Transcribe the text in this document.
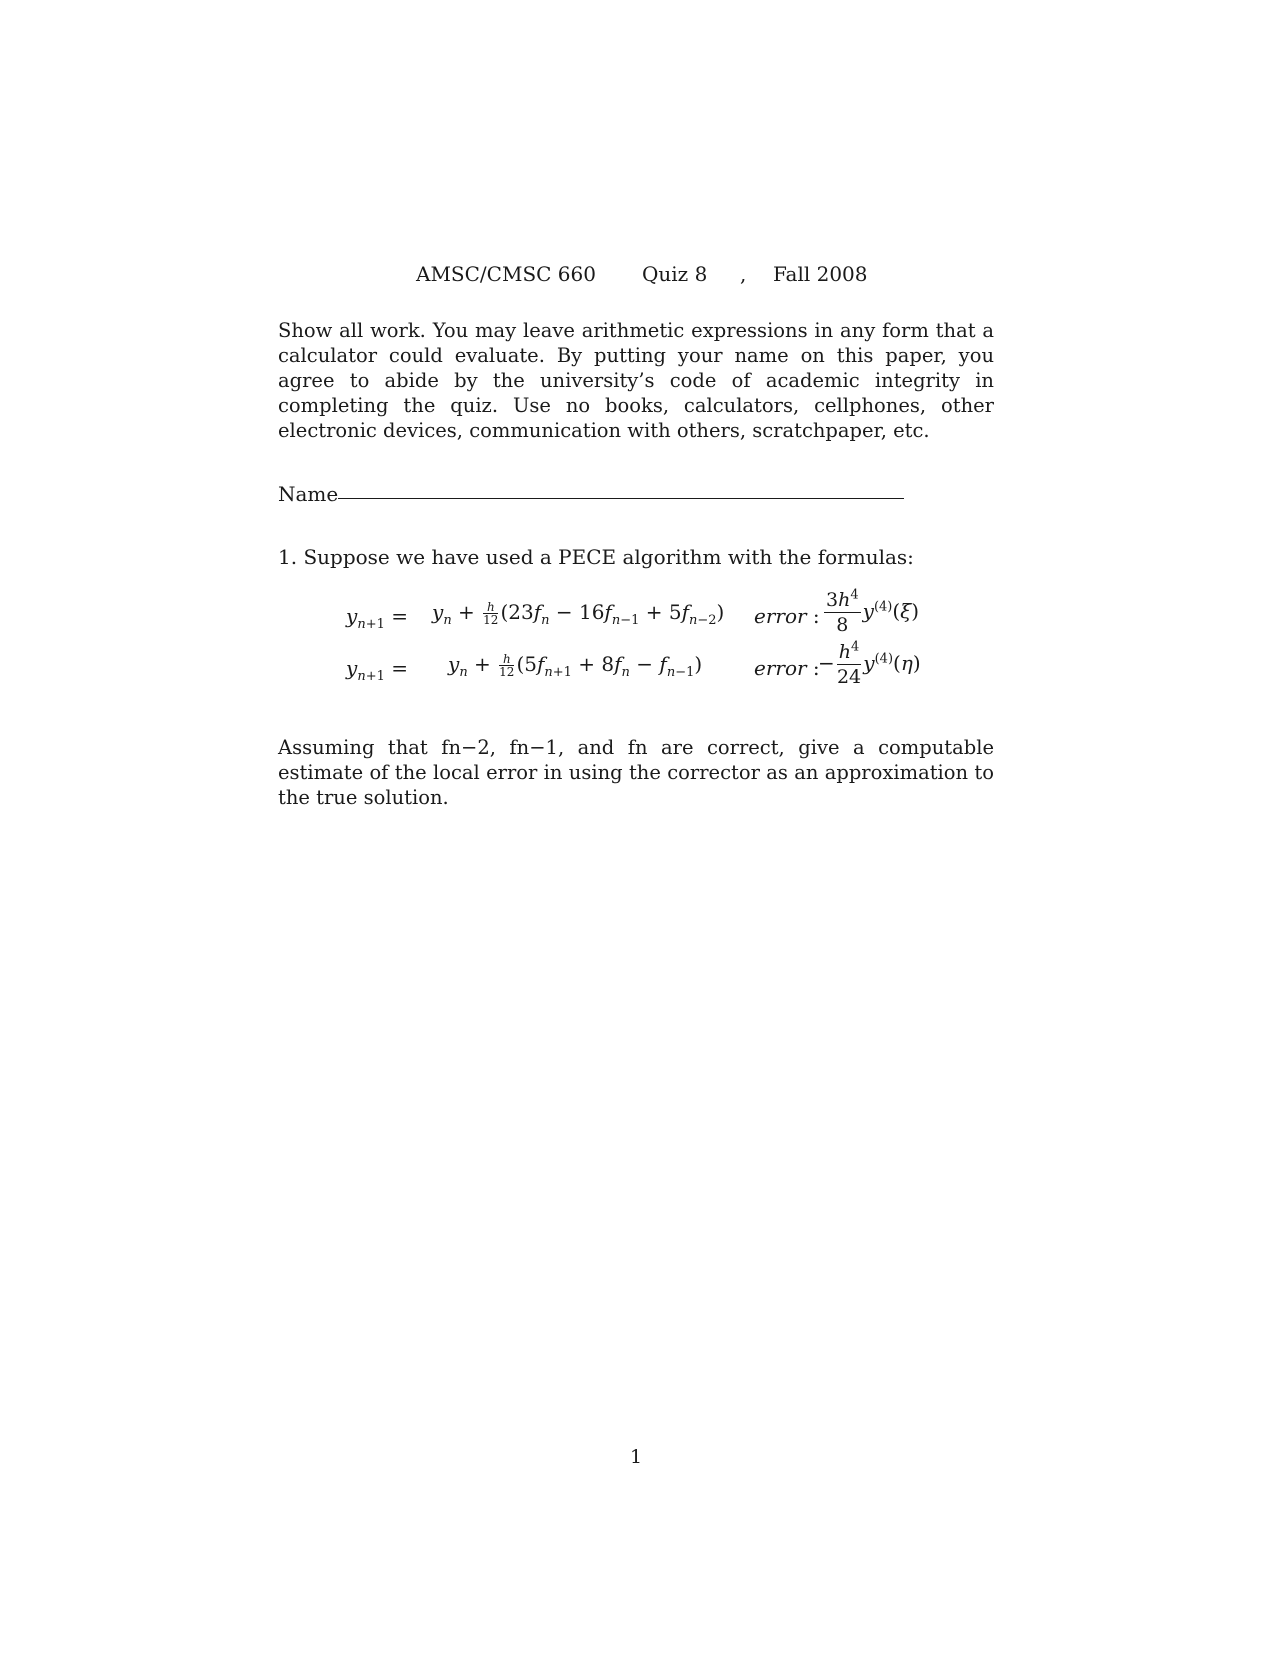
AMSC/CMSC 660 Quiz 8 , Fall 2008
Show all work. You may leave arithmetic expressions in any form that a calculator could evaluate. By putting your name on this paper, you agree to abide by the university’s code of academic integrity in completing the quiz. Use no books, calculators, cellphones, other electronic devices, communication with others, scratchpaper, etc.
Name
1. Suppose we have used a PECE algorithm with the formulas:
$y_{n+1} = y_n + \frac{h}{12} (23f_n - 16f_{n-1} + 5f_{n-2})$ error : $\frac{3h^4}{8} y^{(4)}(\xi)$
$y_{n+1} = y_n + \frac{h}{12} (5f_{n+1} + 8f_n - f_{n-1})$	error :
− $\frac{h^4}{24} y^{(4)}(\eta)$
Assuming that fn−2, fn−1, and fn are correct, give a computable estimate of the local error in using the corrector as an approximation to the true solution.
1
